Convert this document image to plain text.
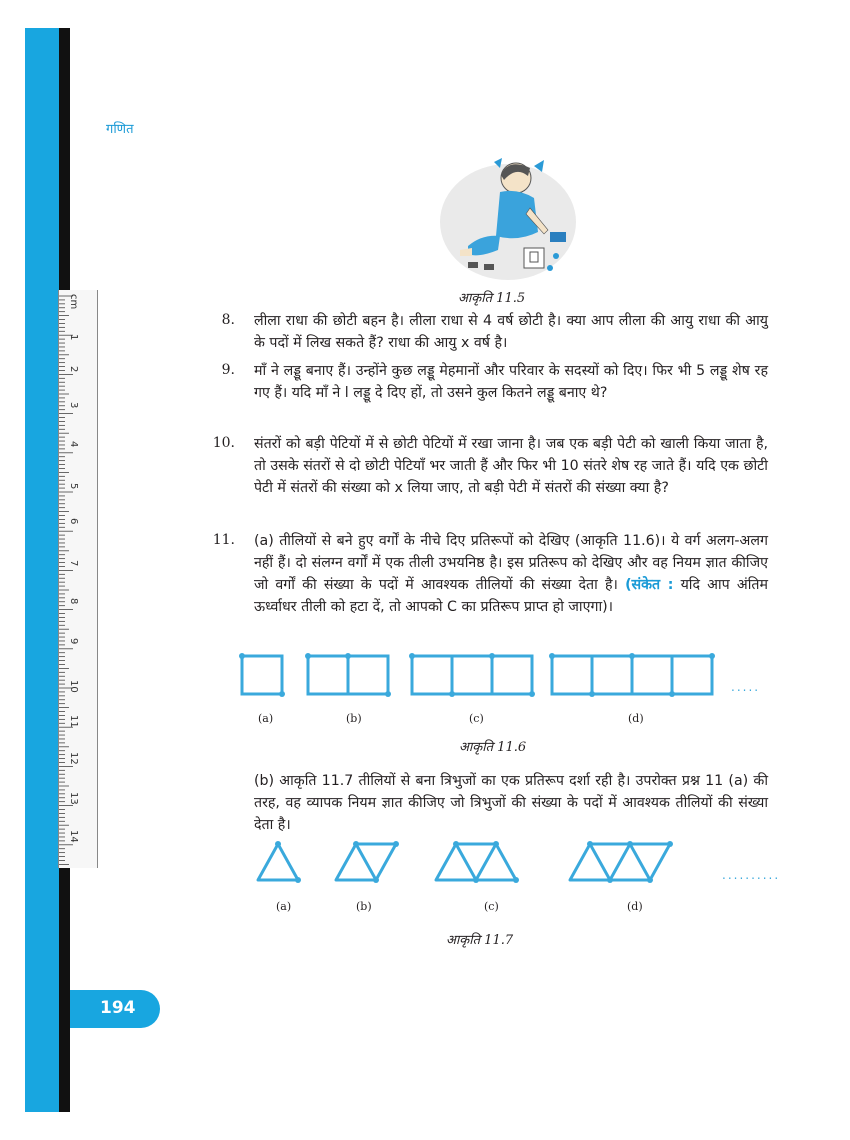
गणित
cm
1
2
3
4
5
6
7
8
9
10
11
12
13
14
आकृति 11.5
8. लीला राधा की छोटी बहन है। लीला राधा से 4 वर्ष छोटी है। क्या आप लीला की आयु राधा की आयु के पदों में लिख सकते हैं? राधा की आयु x वर्ष है।
9. माँ ने लड्डू बनाए हैं। उन्होंने कुछ लड्डू मेहमानों और परिवार के सदस्यों को दिए। फिर भी 5 लड्डू शेष रह गए हैं। यदि माँ ने l लड्डू दे दिए हों, तो उसने कुल कितने लड्डू बनाए थे?
10. संतरों को बड़ी पेटियों में से छोटी पेटियों में रखा जाना है। जब एक बड़ी पेटी को खाली किया जाता है, तो उसके संतरों से दो छोटी पेटियाँ भर जाती हैं और फिर भी 10 संतरे शेष रह जाते हैं। यदि एक छोटी पेटी में संतरों की संख्या को x लिया जाए, तो बड़ी पेटी में संतरों की संख्या क्या है?
11. (a) तीलियों से बने हुए वर्गों के नीचे दिए प्रतिरूपों को देखिए (आकृति 11.6)। ये वर्ग अलग-अलग नहीं हैं। दो संलग्न वर्गों में एक तीली उभयनिष्ठ है। इस प्रतिरूप को देखिए और वह नियम ज्ञात कीजिए जो वर्गों की संख्या के पदों में आवश्यक तीलियों की संख्या देता है। (संकेत : यदि आप अंतिम ऊर्ध्वाधर तीली को हटा दें, तो आपको C का प्रतिरूप प्राप्त हो जाएगा)।
.....
(a)	(b)	(c)	(d)
आकृति 11.6
(b) आकृति 11.7 तीलियों से बना त्रिभुजों का एक प्रतिरूप दर्शा रही है। उपरोक्त प्रश्न 11 (a) की तरह, वह व्यापक नियम ज्ञात कीजिए जो त्रिभुजों की संख्या के पदों में आवश्यक तीलियों की संख्या देता है।
..........
(a)	(b)	(c)	(d)
आकृति 11.7
194
